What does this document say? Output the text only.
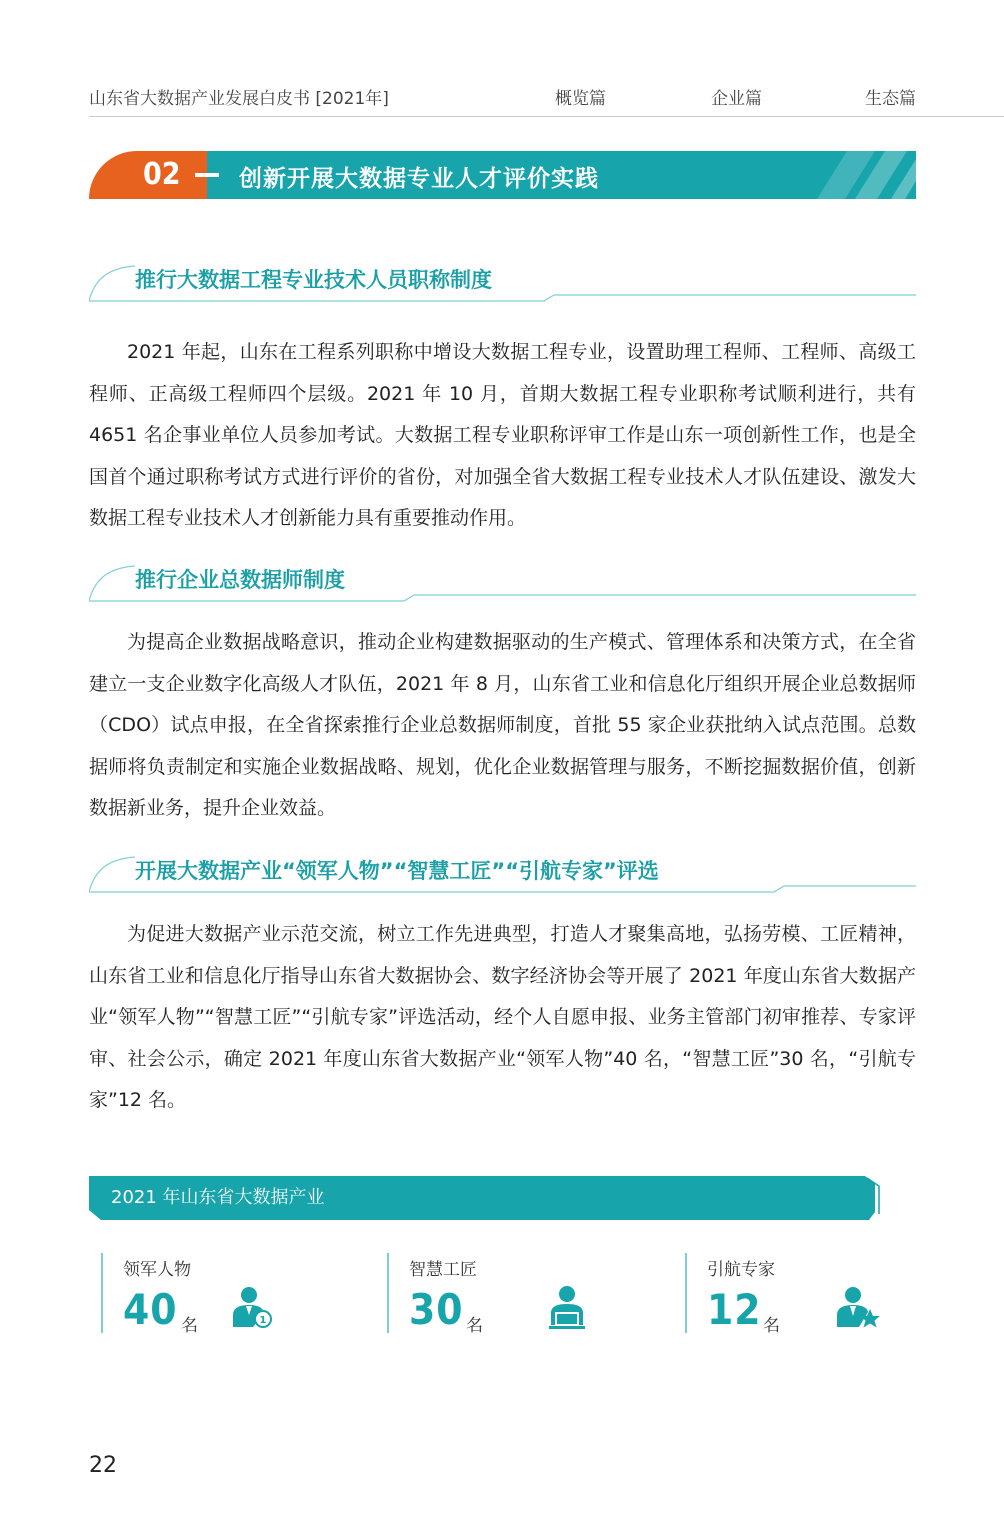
山东省大数据产业发展白皮书 [2021年]	概览篇	企业篇	生态篇
02	创新开展大数据专业人才评价实践
推行大数据工程专业技术人员职称制度

2021 年起，山东在工程系列职称中增设大数据工程专业，设置助理工程师、工程师、高级工程师、正高级工程师四个层级。2021 年 10 月，首期大数据工程专业职称考试顺利进行，共有 4651 名企事业单位人员参加考试。大数据工程专业职称评审工作是山东一项创新性工作，也是全国首个通过职称考试方式进行评价的省份，对加强全省大数据工程专业技术人才队伍建设、激发大数据工程专业技术人才创新能力具有重要推动作用。

推行企业总数据师制度

为提高企业数据战略意识，推动企业构建数据驱动的生产模式、管理体系和决策方式，在全省建立一支企业数字化高级人才队伍，2021 年 8 月，山东省工业和信息化厅组织开展企业总数据师（CDO）试点申报，在全省探索推行企业总数据师制度，首批 55 家企业获批纳入试点范围。总数据师将负责制定和实施企业数据战略、规划，优化企业数据管理与服务，不断挖掘数据价值，创新数据新业务，提升企业效益。

开展大数据产业“领军人物”“智慧工匠”“引航专家”评选

为促进大数据产业示范交流，树立工作先进典型，打造人才聚集高地，弘扬劳模、工匠精神，山东省工业和信息化厅指导山东省大数据协会、数字经济协会等开展了 2021 年度山东省大数据产业“领军人物”“智慧工匠”“引航专家”评选活动，经个人自愿申报、业务主管部门初审推荐、专家评审、社会公示，确定 2021 年度山东省大数据产业“领军人物”40 名，“智慧工匠”30 名，“引航专家”12 名。

2021 年山东省大数据产业
领军人物
40 名	1
智慧工匠
30 名
引航专家
12 名
22
